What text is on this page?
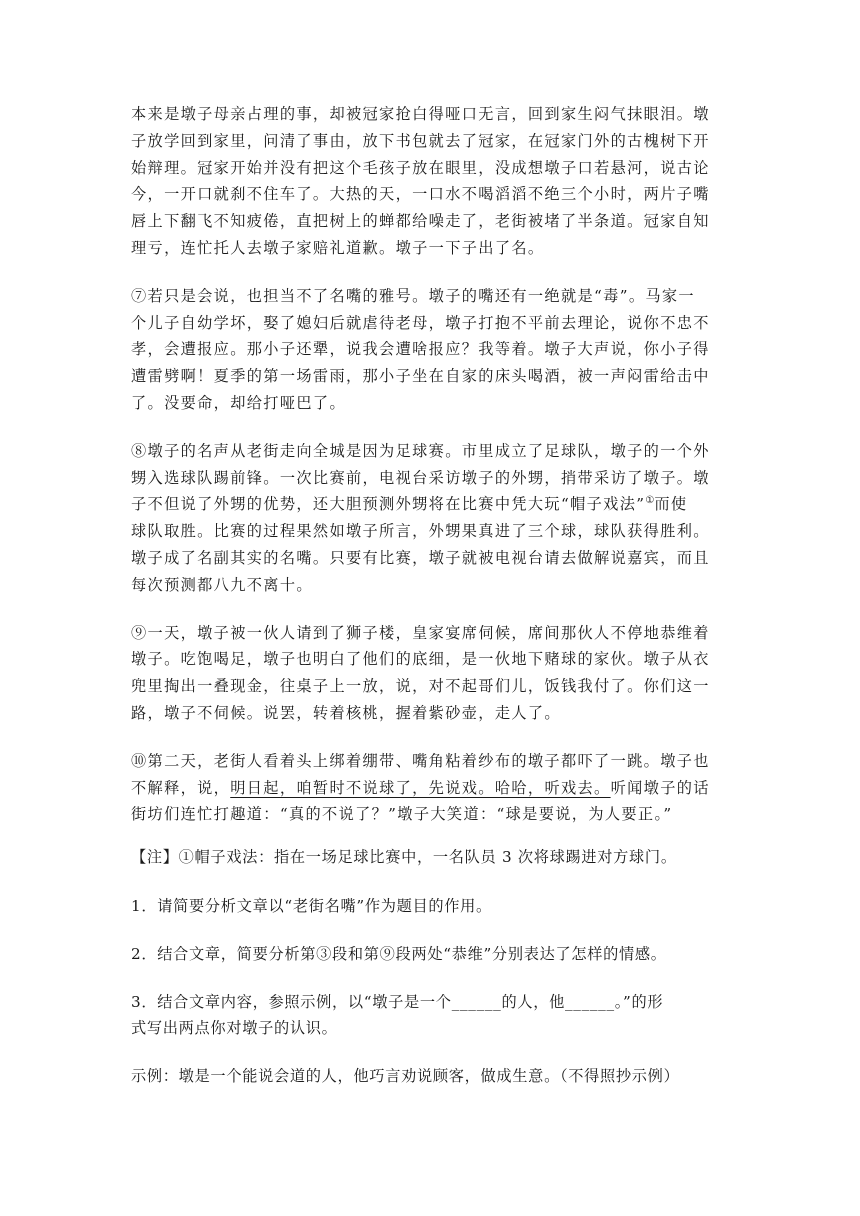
本来是墩子母亲占理的事，却被冠家抢白得哑口无言，回到家生闷气抹眼泪。墩
子放学回到家里，问清了事由，放下书包就去了冠家，在冠家门外的古槐树下开
始辩理。冠家开始并没有把这个毛孩子放在眼里，没成想墩子口若悬河，说古论
今，一开口就刹不住车了。大热的天，一口水不喝滔滔不绝三个小时，两片子嘴
唇上下翻飞不知疲倦，直把树上的蝉都给噪走了，老街被堵了半条道。冠家自知
理亏，连忙托人去墩子家赔礼道歉。墩子一下子出了名。
⑦若只是会说，也担当不了名嘴的雅号。墩子的嘴还有一绝就是“毒”。马家一
个儿子自幼学坏，娶了媳妇后就虐待老母，墩子打抱不平前去理论，说你不忠不
孝，会遭报应。那小子还犟，说我会遭啥报应？我等着。墩子大声说，你小子得
遭雷劈啊！夏季的第一场雷雨，那小子坐在自家的床头喝酒，被一声闷雷给击中
了。没要命，却给打哑巴了。
⑧墩子的名声从老街走向全城是因为足球赛。市里成立了足球队，墩子的一个外
甥入选球队踢前锋。一次比赛前，电视台采访墩子的外甥，捎带采访了墩子。墩
子不但说了外甥的优势，还大胆预测外甥将在比赛中凭大玩“帽子戏法”①而使
球队取胜。比赛的过程果然如墩子所言，外甥果真进了三个球，球队获得胜利。
墩子成了名副其实的名嘴。只要有比赛，墩子就被电视台请去做解说嘉宾，而且
每次预测都八九不离十。
⑨一天，墩子被一伙人请到了狮子楼，皇家宴席伺候，席间那伙人不停地恭维着
墩子。吃饱喝足，墩子也明白了他们的底细，是一伙地下赌球的家伙。墩子从衣
兜里掏出一叠现金，往桌子上一放，说，对不起哥们儿，饭钱我付了。你们这一
路，墩子不伺候。说罢，转着核桃，握着紫砂壶，走人了。
⑩第二天，老街人看着头上绑着绷带、嘴角粘着纱布的墩子都吓了一跳。墩子也
不解释，说，明日起，咱暂时不说球了，先说戏。哈哈，听戏去。听闻墩子的话
街坊们连忙打趣道：“真的不说了？”墩子大笑道：“球是要说，为人要正。”

【注】①帽子戏法：指在一场足球比赛中，一名队员 3 次将球踢进对方球门。

1．请简要分析文章以“老街名嘴”作为题目的作用。

2．结合文章，简要分析第③段和第⑨段两处“恭维”分别表达了怎样的情感。

3．结合文章内容，参照示例，以“墩子是一个______的人，他______。”的形
式写出两点你对墩子的认识。

示例：墩是一个能说会道的人，他巧言劝说顾客，做成生意。（不得照抄示例）
